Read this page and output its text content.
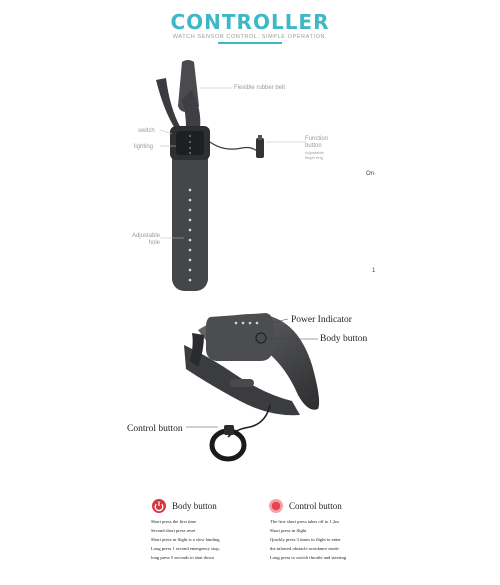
CONTROLLER
WATCH SENSOR CONTROL, SIMPLE OPERATION.
Flexible rubber belt
switch
lighting
Function button
Adjustable finger ring
Adjustable hole
On·
1
Power Indicator
Body button
Control button
Body button
Short press the first time
Second short press reset
Short press in flight is a slow landing
Long press 1 second emergency stop,
long press 5 seconds to shut down
Control button
The first short press takes off to 1.2m
Short press in flight
Quickly press 3 times in flight to enter
the infrared obstacle avoidance mode
Long press to switch throttle and steering
